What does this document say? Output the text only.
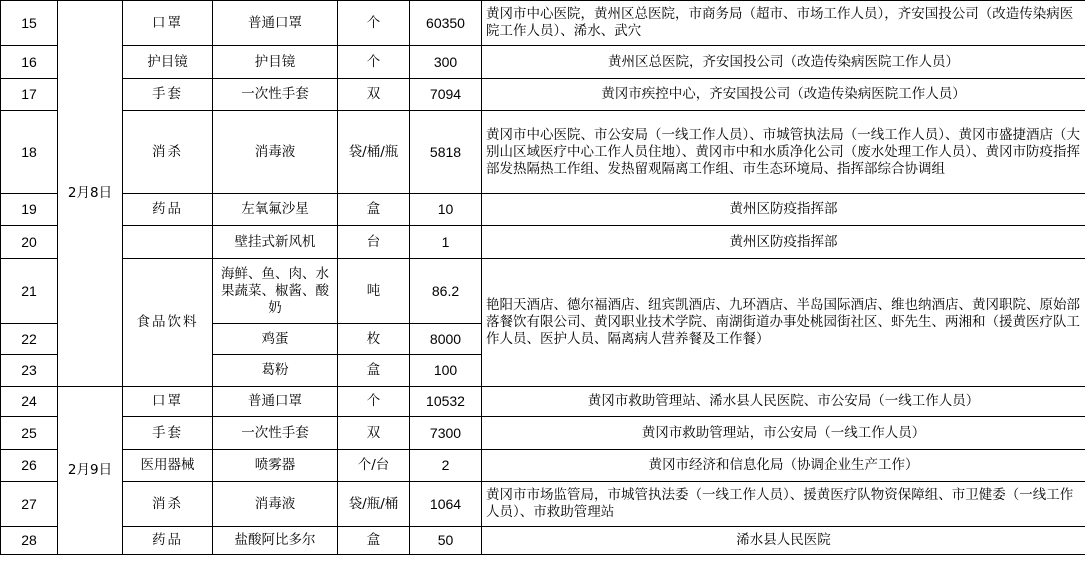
15	2月8日	口罩	普通口罩	个	60350	黄冈市中心医院，黄州区总医院，市商务局（超市、市场工作人员），齐安国投公司（改造传染病医院工作人员）、浠水、武穴
16		护目镜	护目镜	个	300	黄州区总医院，齐安国投公司（改造传染病医院工作人员）
17		手套	一次性手套	双	7094	黄冈市疾控中心，齐安国投公司（改造传染病医院工作人员）
18		消杀	消毒液	袋/桶/瓶	5818	黄冈市中心医院、市公安局（一线工作人员）、市城管执法局（一线工作人员）、黄冈市盛捷酒店（大别山区域医疗中心工作人员住地）、黄冈市中和水质净化公司（废水处理工作人员）、黄冈市防疫指挥部发热隔热工作组、发热留观隔离工作组、市生态环境局、指挥部综合协调组
19		药品	左氧氟沙星	盒	10	黄州区防疫指挥部
20			壁挂式新风机	台	1	黄州区防疫指挥部
21		食品饮料	海鲜、鱼、肉、水果蔬菜、椒酱、酸奶	吨	86.2	艳阳天酒店、德尔福酒店、纽宾凯酒店、九环酒店、半岛国际酒店、维也纳酒店、黄冈职院、原始部落餐饮有限公司、黄冈职业技术学院、南湖街道办事处桃园街社区、虾先生、两湘和（援黄医疗队工作人员、医护人员、隔离病人营养餐及工作餐）
22			鸡蛋	枚	8000	
23			葛粉	盒	100	

24	2月9日	口罩	普通口罩	个	10532	黄冈市救助管理站、浠水县人民医院、市公安局（一线工作人员）
25		手套	一次性手套	双	7300	黄冈市救助管理站，市公安局（一线工作人员）
26		医用器械	喷雾器	个/台	2	黄冈市经济和信息化局（协调企业生产工作）
27		消杀	消毒液	袋/瓶/桶	1064	黄冈市市场监管局，市城管执法委（一线工作人员）、援黄医疗队物资保障组、市卫健委（一线工作人员）、市救助管理站
28		药品	盐酸阿比多尔	盒	50	浠水县人民医院
